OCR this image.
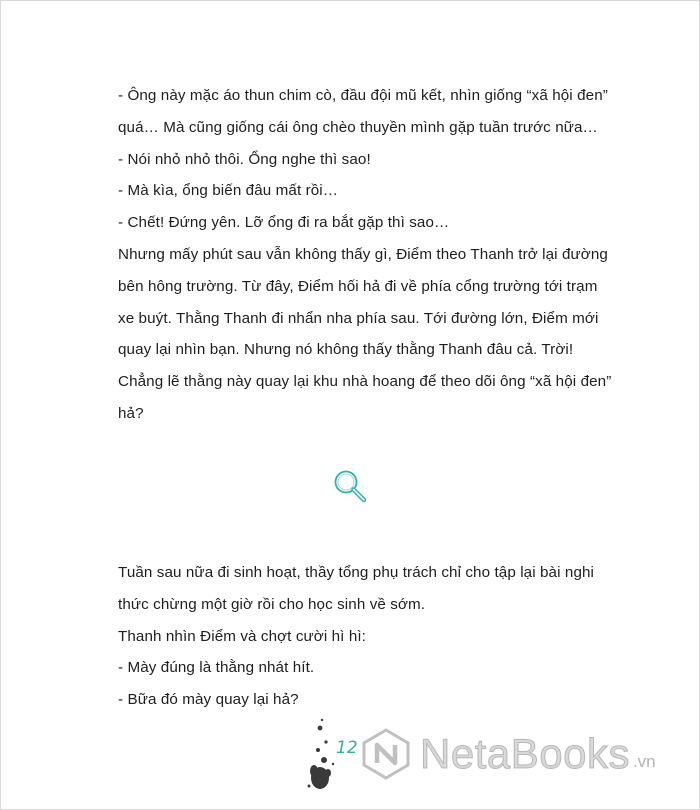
- Ông này mặc áo thun chim cò, đầu đội mũ kết, nhìn giống “xã hội đen” quá… Mà cũng giống cái ông chèo thuyền mình gặp tuần trước nữa…

- Nói nhỏ nhỏ thôi. Ổng nghe thì sao!

- Mà kìa, ổng biến đâu mất rồi…

- Chết! Đứng yên. Lỡ ổng đi ra bắt gặp thì sao…

Nhưng mấy phút sau vẫn không thấy gì, Điểm theo Thanh trở lại đường bên hông trường. Từ đây, Điểm hối hả đi về phía cổng trường tới trạm xe buýt. Thằng Thanh đi nhẩn nha phía sau. Tới đường lớn, Điểm mới quay lại nhìn bạn. Nhưng nó không thấy thằng Thanh đâu cả. Trời! Chẳng lẽ thằng này quay lại khu nhà hoang để theo dõi ông “xã hội đen” hả?

Tuần sau nữa đi sinh hoạt, thầy tổng phụ trách chỉ cho tập lại bài nghi thức chừng một giờ rồi cho học sinh về sớm.

Thanh nhìn Điểm và chợt cười hì hì:

- Mày đúng là thằng nhát hít.

- Bữa đó mày quay lại hả?

12 NetaBooks .vn
